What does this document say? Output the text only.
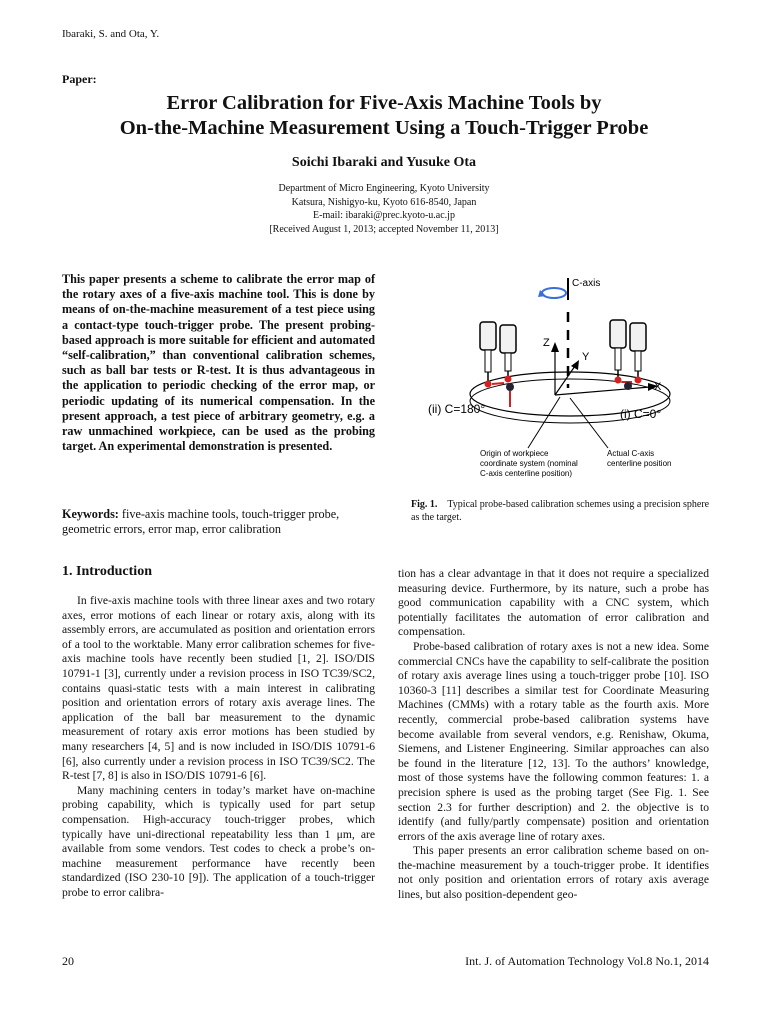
Ibaraki, S. and Ota, Y.
Paper:
Error Calibration for Five-Axis Machine Tools by
On-the-Machine Measurement Using a Touch-Trigger Probe
Soichi Ibaraki and Yusuke Ota
Department of Micro Engineering, Kyoto University
Katsura, Nishigyo-ku, Kyoto 616-8540, Japan
E-mail: ibaraki@prec.kyoto-u.ac.jp
[Received August 1, 2013; accepted November 11, 2013]
This paper presents a scheme to calibrate the error map of the rotary axes of a five-axis machine tool. This is done by means of on-the-machine measurement of a test piece using a contact-type touch-trigger probe. The present probing-based approach is more suitable for efficient and automated “self-calibration,” than conventional calibration schemes, such as ball bar tests or R-test. It is thus advantageous in the application to periodic checking of the error map, or periodic updating of its numerical compensation. In the present approach, a test piece of arbitrary geometry, e.g. a raw unmachined workpiece, can be used as the probing target. An experimental demonstration is presented.
Keywords: five-axis machine tools, touch-trigger probe, geometric errors, error map, error calibration
C-axis
Z
X
Y
(ii) C=180°	(i) C=0°
Origin of workpiece
coordinate system (nominal
C-axis centerline position)
Actual C-axis
centerline position
Fig. 1. Typical probe-based calibration schemes using a precision sphere as the target.
1. Introduction

In five-axis machine tools with three linear axes and two rotary axes, error motions of each linear or rotary axis, along with its assembly errors, are accumulated as position and orientation errors of a tool to the worktable. Many error calibration schemes for five-axis machine tools have recently been studied [1, 2]. ISO/DIS 10791-1 [3], currently under a revision process in ISO TC39/SC2, contains quasi-static tests with a main interest in calibrating position and orientation errors of rotary axis average lines. The application of the ball bar measurement to the dynamic measurement of rotary axis error motions has been studied by many researchers [4, 5] and is now included in ISO/DIS 10791-6 [6], also currently under a revision process in ISO TC39/SC2. The R-test [7, 8] is also in ISO/DIS 10791-6 [6].

Many machining centers in today’s market have on-machine probing capability, which is typically used for part setup compensation. High-accuracy touch-trigger probes, which typically have uni-directional repeatability less than 1 μm, are available from some vendors. Test codes to check a probe’s on-machine measurement performance have recently been standardized (ISO 230-10 [9]). The application of a touch-trigger probe to error calibra-

tion has a clear advantage in that it does not require a specialized measuring device. Furthermore, by its nature, such a probe has good communication capability with a CNC system, which potentially facilitates the automation of error calibration and compensation.

Probe-based calibration of rotary axes is not a new idea. Some commercial CNCs have the capability to self-calibrate the position of rotary axis average lines using a touch-trigger probe [10]. ISO 10360-3 [11] describes a similar test for Coordinate Measuring Machines (CMMs) with a rotary table as the fourth axis. More recently, commercial probe-based calibration systems have become available from several vendors, e.g. Renishaw, Okuma, Siemens, and Listener Engineering. Similar approaches can also be found in the literature [12, 13]. To the authors’ knowledge, most of those systems have the following common features: 1. a precision sphere is used as the probing target (See Fig. 1. See section 2.3 for further description) and 2. the objective is to identify (and fully/partly compensate) position and orientation errors of the axis average line of rotary axes.

This paper presents an error calibration scheme based on on-the-machine measurement by a touch-trigger probe. It identifies not only position and orientation errors of rotary axis average lines, but also position-dependent geo-

20	Int. J. of Automation Technology Vol.8 No.1, 2014
